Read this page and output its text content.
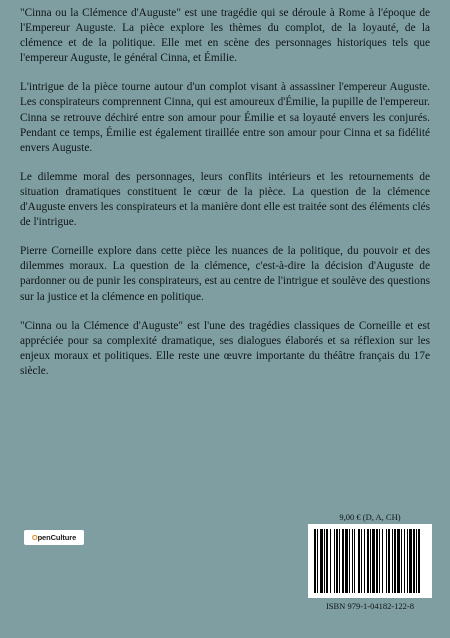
"Cinna ou la Clémence d'Auguste" est une tragédie qui se déroule à Rome à l'époque de l'Empereur Auguste. La pièce explore les thèmes du complot, de la loyauté, de la clémence et de la politique. Elle met en scène des personnages historiques tels que l'empereur Auguste, le général Cinna, et Émilie.

L'intrigue de la pièce tourne autour d'un complot visant à assassiner l'empereur Auguste. Les conspirateurs comprennent Cinna, qui est amoureux d'Émilie, la pupille de l'empereur. Cinna se retrouve déchiré entre son amour pour Émilie et sa loyauté envers les conjurés. Pendant ce temps, Émilie est également tiraillée entre son amour pour Cinna et sa fidélité envers Auguste.

Le dilemme moral des personnages, leurs conflits intérieurs et les retournements de situation dramatiques constituent le cœur de la pièce. La question de la clémence d'Auguste envers les conspirateurs et la manière dont elle est traitée sont des éléments clés de l'intrigue.

Pierre Corneille explore dans cette pièce les nuances de la politique, du pouvoir et des dilemmes moraux. La question de la clémence, c'est-à-dire la décision d'Auguste de pardonner ou de punir les conspirateurs, est au centre de l'intrigue et soulève des questions sur la justice et la clémence en politique.

"Cinna ou la Clémence d'Auguste" est l'une des tragédies classiques de Corneille et est appréciée pour sa complexité dramatique, ses dialogues élaborés et sa réflexion sur les enjeux moraux et politiques. Elle reste une œuvre importante du théâtre français du 17e siècle.

OpenCulture
9,00 € (D, A, CH)
ISBN 979-1-04182-122-8
